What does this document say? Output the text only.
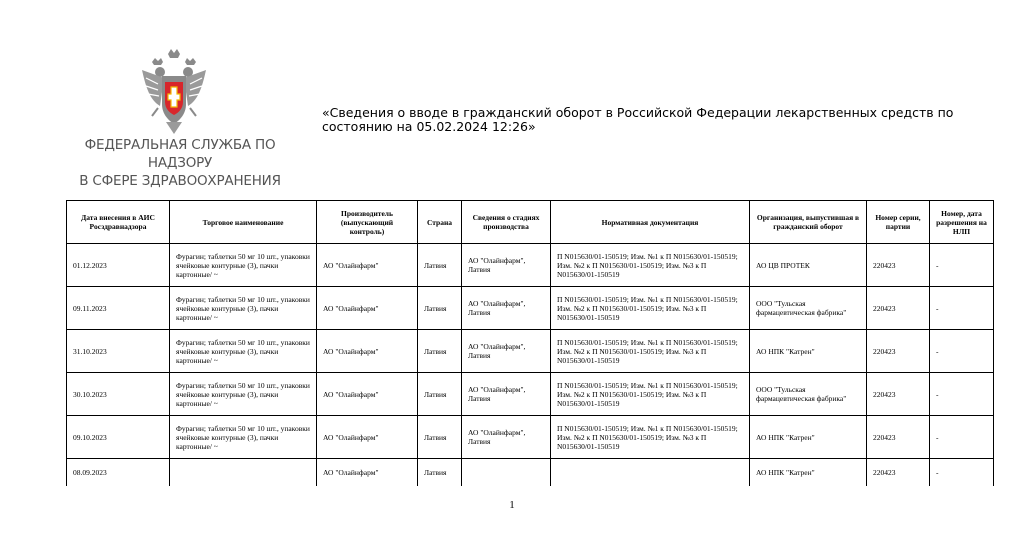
ФЕДЕРАЛЬНАЯ СЛУЖБА ПО НАДЗОРУ
В СФЕРЕ ЗДРАВООХРАНЕНИЯ
«Сведения о вводе в гражданский оборот в Российской Федерации лекарственных средств по состоянию на 05.02.2024 12:26»
Дата внесения в АИС Росздравнадзора	Торговое наименование	Производитель (выпускающий контроль)	Страна	Сведения о стадиях производства	Нормативная документация	Организация, выпустившая в гражданский оборот	Номер серии, партии	Номер, дата разрешения на НЛП
01.12.2023	Фурагин; таблетки 50 мг 10 шт., упаковки ячейковые контурные (3), пачки картонные/ ~	АО "Олайнфарм"	Латвия	АО "Олайнфарм", Латвия	П N015630/01-150519; Изм. №1 к П N015630/01-150519; Изм. №2 к П N015630/01-150519; Изм. №3 к П N015630/01-150519	АО ЦВ ПРОТЕК	220423	-
09.11.2023	Фурагин; таблетки 50 мг 10 шт., упаковки ячейковые контурные (3), пачки картонные/ ~	АО "Олайнфарм"	Латвия	АО "Олайнфарм", Латвия	П N015630/01-150519; Изм. №1 к П N015630/01-150519; Изм. №2 к П N015630/01-150519; Изм. №3 к П N015630/01-150519	ООО "Тульская фармацевтическая фабрика"	220423	-
31.10.2023	Фурагин; таблетки 50 мг 10 шт., упаковки ячейковые контурные (3), пачки картонные/ ~	АО "Олайнфарм"	Латвия	АО "Олайнфарм", Латвия	П N015630/01-150519; Изм. №1 к П N015630/01-150519; Изм. №2 к П N015630/01-150519; Изм. №3 к П N015630/01-150519	АО НПК "Катрен"	220423	-
30.10.2023	Фурагин; таблетки 50 мг 10 шт., упаковки ячейковые контурные (3), пачки картонные/ ~	АО "Олайнфарм"	Латвия	АО "Олайнфарм", Латвия	П N015630/01-150519; Изм. №1 к П N015630/01-150519; Изм. №2 к П N015630/01-150519; Изм. №3 к П N015630/01-150519	ООО "Тульская фармацевтическая фабрика"	220423	-
09.10.2023	Фурагин; таблетки 50 мг 10 шт., упаковки ячейковые контурные (3), пачки картонные/ ~	АО "Олайнфарм"	Латвия	АО "Олайнфарм", Латвия	П N015630/01-150519; Изм. №1 к П N015630/01-150519; Изм. №2 к П N015630/01-150519; Изм. №3 к П N015630/01-150519	АО НПК "Катрен"	220423	-
08.09.2023		АО "Олайнфарм"	Латвия			АО НПК "Катрен"	220423	-
1
